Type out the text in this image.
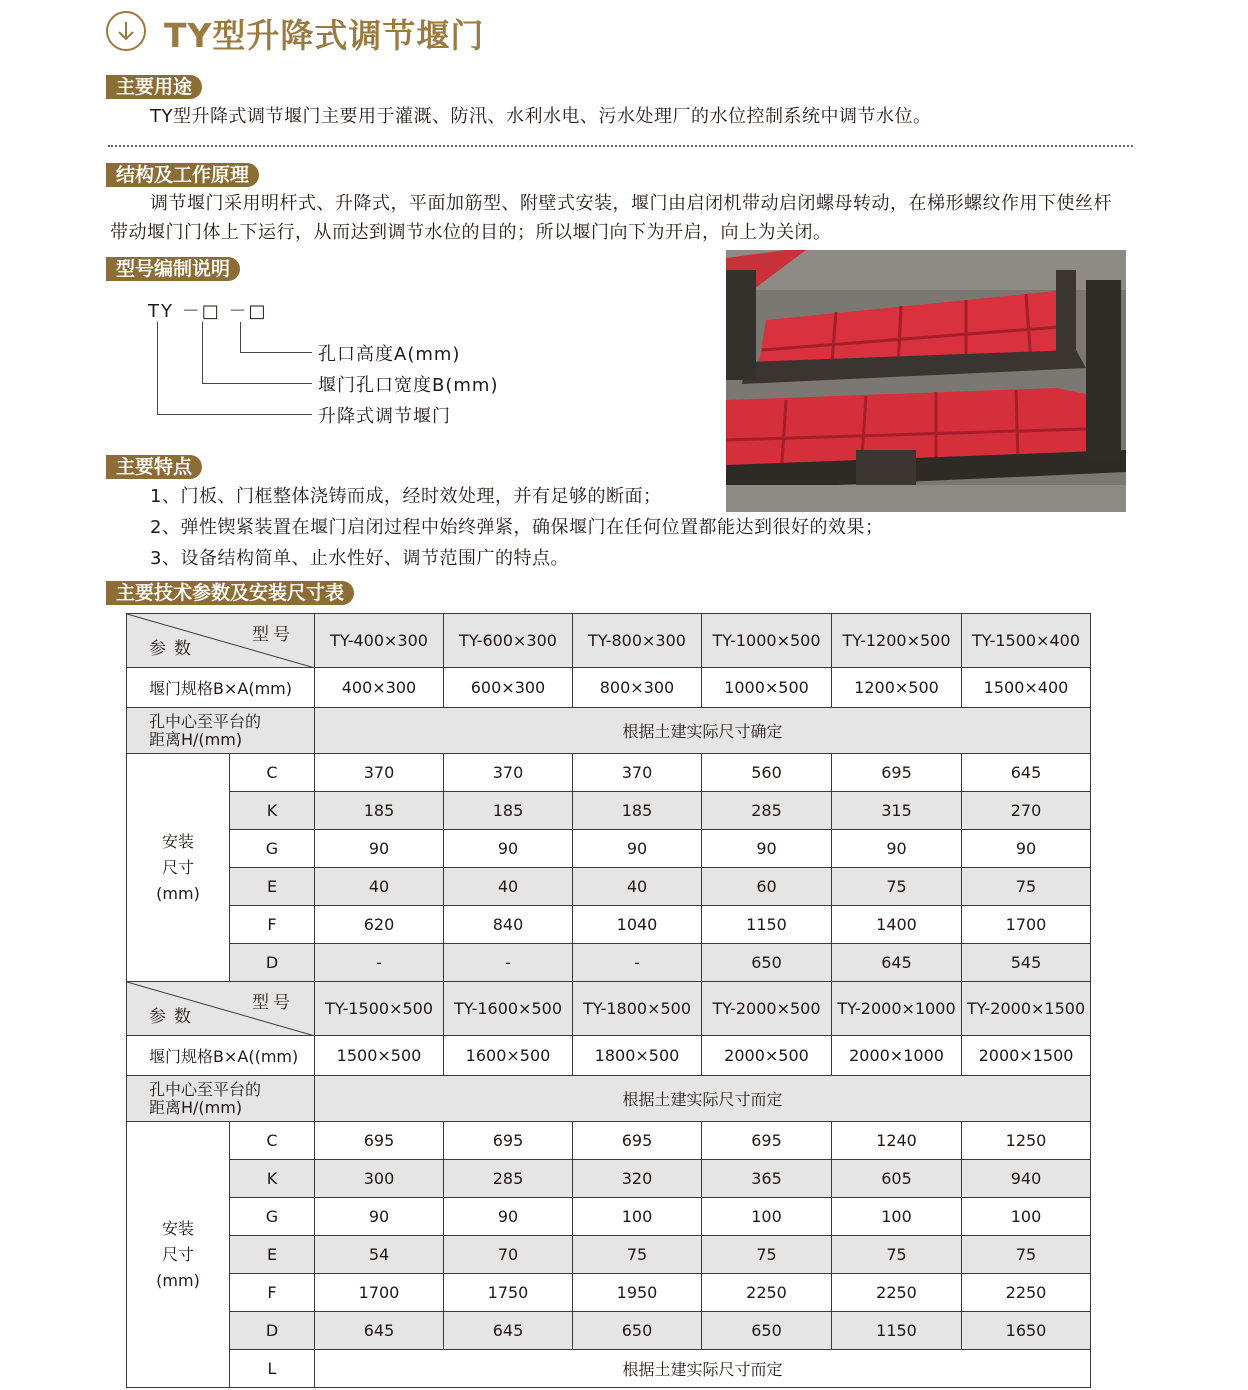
TY型升降式调节堰门
主要用途
TY型升降式调节堰门主要用于灌溉、防汛、水利水电、污水处理厂的水位控制系统中调节水位。
结构及工作原理
调节堰门采用明杆式、升降式，平面加筋型、附壁式安装，堰门由启闭机带动启闭螺母转动，在梯形螺纹作用下使丝杆
带动堰门门体上下运行，从而达到调节水位的目的；所以堰门向下为开启，向上为关闭。
型号编制说明
TY －□ －□
孔口高度A(mm)
堰门孔口宽度B(mm)
升降式调节堰门
主要特点
1、门板、门框整体浇铸而成，经时效处理，并有足够的断面；
2、弹性锲紧装置在堰门启闭过程中始终弹紧，确保堰门在任何位置都能达到很好的效果；
3、设备结构简单、止水性好、调节范围广的特点。
主要技术参数及安装尺寸表
型号
参数		TY-400×300	TY-600×300	TY-800×300	TY-1000×500	TY-1200×500	TY-1500×400
堰门规格B×A(mm)		400×300	600×300	800×300	1000×500	1200×500	1500×400

孔中心至平台的
距离H/(mm)		根据土建实际尺寸确定					

安装
尺寸
(mm)	C	370	370	370	560	695	645
	K	185	185	185	285	315	270
	G	90	90	90	90	90	90
	E	40	40	40	60	75	75
	F	620	840	1040	1150	1400	1700
	D	-	-	-	650	645	545

型号
参数		TY-1500×500	TY-1600×500	TY-1800×500	TY-2000×500	TY-2000×1000	TY-2000×1500
堰门规格B×A((mm)		1500×500	1600×500	1800×500	2000×500	2000×1000	2000×1500

孔中心至平台的
距离H/(mm)		根据土建实际尺寸而定					

安装
尺寸
(mm)	C	695	695	695	695	1240	1250
	K	300	285	320	365	605	940
	G	90	90	100	100	100	100
	E	54	70	75	75	75	75
	F	1700	1750	1950	2250	2250	2250
	D	645	645	650	650	1150	1650
	L	根据土建实际尺寸而定					
